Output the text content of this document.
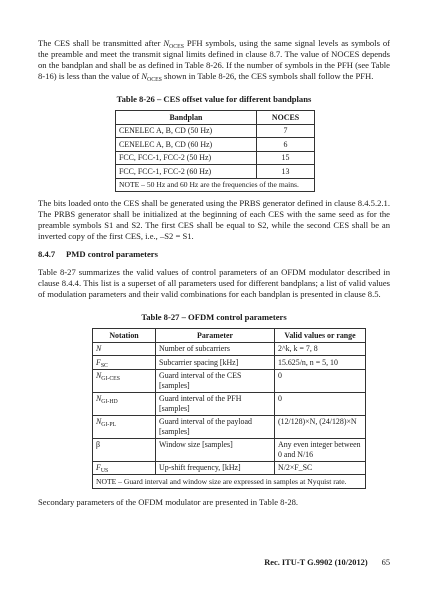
The CES shall be transmitted after $N_{OCES}$ PFH symbols, using the same signal levels as symbols of the preamble and meet the transmit signal limits defined in clause 8.7. The value of NOCES depends on the bandplan and shall be as defined in Table 8-26. If the number of symbols in the PFH (see Table 8-16) is less than the value of $N_{OCES}$ shown in Table 8-26, the CES symbols shall follow the PFH.

Table 8-26 – CES offset value for different bandplans

Bandplan	NOCES
CENELEC A, B, CD (50 Hz)	7
CENELEC A, B, CD (60 Hz)	6
FCC, FCC-1, FCC-2 (50 Hz)	15
FCC, FCC-1, FCC-2 (60 Hz)	13
NOTE – 50 Hz and 60 Hz are the frequencies of the mains.	

The bits loaded onto the CES shall be generated using the PRBS generator defined in clause 8.4.5.2.1. The PRBS generator shall be initialized at the beginning of each CES with the same seed as for the preamble symbols S1 and S2. The first CES shall be equal to S2, while the second CES shall be an inverted copy of the first CES, i.e., –S2 = S1.

8.4.7 PMD control parameters

Table 8-27 summarizes the valid values of control parameters of an OFDM modulator described in clause 8.4.4. This list is a superset of all parameters used for different bandplans; a list of valid values of modulation parameters and their valid combinations for each bandplan is presented in clause 8.5.

Table 8-27 – OFDM control parameters

Notation	Parameter	Valid values or range
N	Number of subcarriers	2^k, k = 7, 8
$F_{SC}$	Subcarrier spacing [kHz]	15.625/n, n = 5, 10
$N_{GI-CES}$	Guard interval of the CES [samples]	0
$N_{GI-HD}$	Guard interval of the PFH [samples]	0
$N_{GI-PL}$	Guard interval of the payload [samples]	(12/128)×N, (24/128)×N
β	Window size [samples]	Any even integer between 0 and N/16
$F_{US}$	Up-shift frequency, [kHz]	N/2×F_SC
NOTE – Guard interval and window size are expressed in samples at Nyquist rate.		

Secondary parameters of the OFDM modulator are presented in Table 8-28.

Rec. ITU-T G.9902 (10/2012) 65
